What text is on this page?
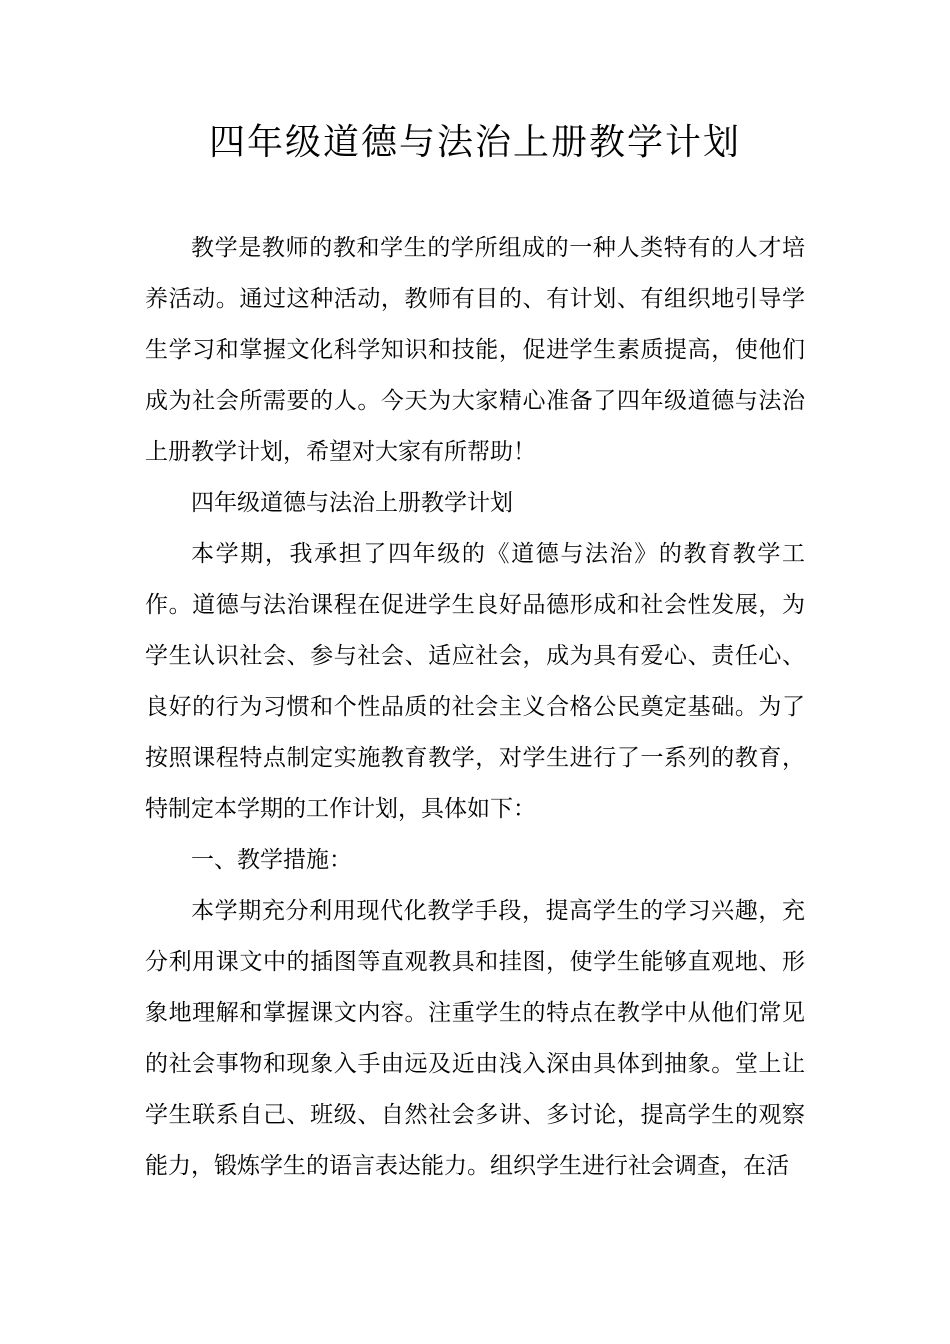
四年级道德与法治上册教学计划

教学是教师的教和学生的学所组成的一种人类特有的人才培养活动。通过这种活动，教师有目的、有计划、有组织地引导学生学习和掌握文化科学知识和技能，促进学生素质提高，使他们成为社会所需要的人。今天为大家精心准备了四年级道德与法治上册教学计划，希望对大家有所帮助！

四年级道德与法治上册教学计划

本学期，我承担了四年级的《道德与法治》的教育教学工作。道德与法治课程在促进学生良好品德形成和社会性发展，为学生认识社会、参与社会、适应社会，成为具有爱心、责任心、良好的行为习惯和个性品质的社会主义合格公民奠定基础。为了按照课程特点制定实施教育教学，对学生进行了一系列的教育，特制定本学期的工作计划，具体如下：

一、教学措施：

本学期充分利用现代化教学手段，提高学生的学习兴趣，充分利用课文中的插图等直观教具和挂图，使学生能够直观地、形象地理解和掌握课文内容。注重学生的特点在教学中从他们常见的社会事物和现象入手由远及近由浅入深由具体到抽象。堂上让学生联系自己、班级、自然社会多讲、多讨论，提高学生的观察能力，锻炼学生的语言表达能力。组织学生进行社会调查，在活
